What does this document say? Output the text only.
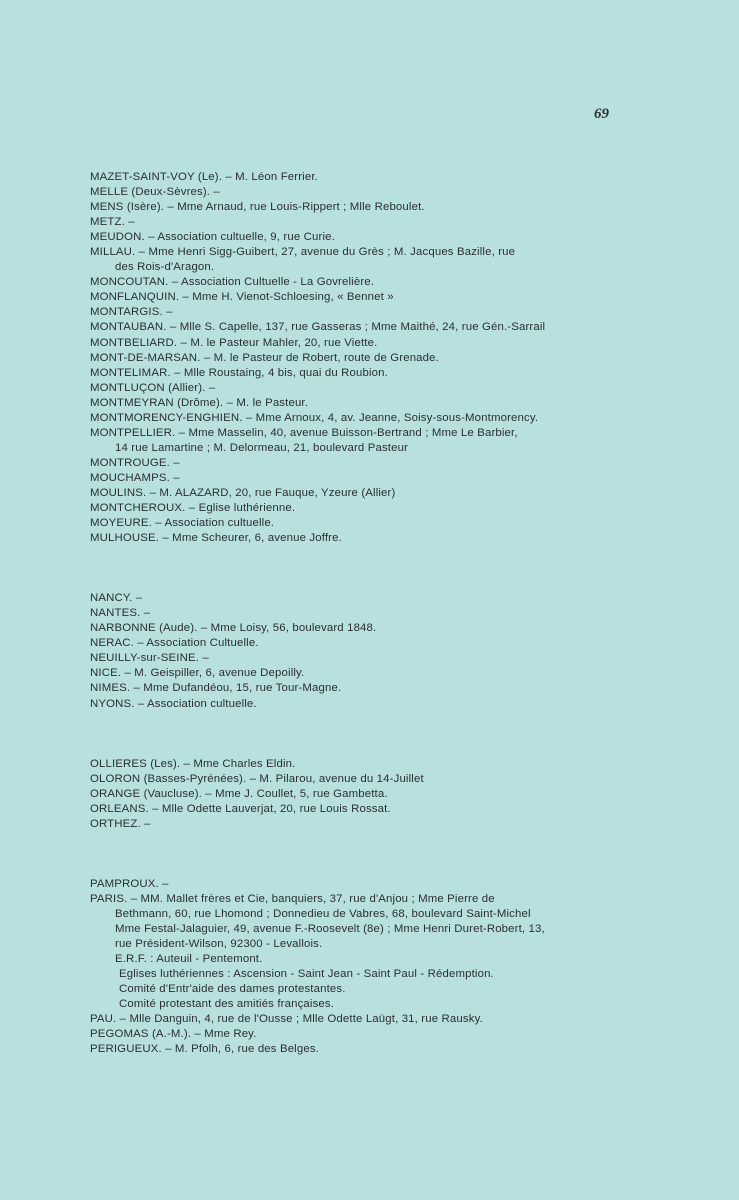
69
MAZET-SAINT-VOY (Le). – M. Léon Ferrier.
MELLE (Deux-Sèvres). –
MENS (Isère). – Mme Arnaud, rue Louis-Rippert ; Mlle Reboulet.
METZ. –
MEUDON. – Association cultuelle, 9, rue Curie.
MILLAU. – Mme Henri Sigg-Guibert, 27, avenue du Grès ; M. Jacques Bazille, rue
des Rois-d'Aragon.
MONCOUTAN. – Association Cultuelle - La Govrelière.
MONFLANQUIN. – Mme H. Vienot-Schloesing, « Bennet »
MONTARGIS. –
MONTAUBAN. – Mlle S. Capelle, 137, rue Gasseras ; Mme Maithé, 24, rue Gén.-Sarrail
MONTBELIARD. – M. le Pasteur Mahler, 20, rue Viette.
MONT-DE-MARSAN. – M. le Pasteur de Robert, route de Grenade.
MONTELIMAR. – Mlle Roustaing, 4 bis, quai du Roubion.
MONTLUÇON (Allier). –
MONTMEYRAN (Drôme). – M. le Pasteur.
MONTMORENCY-ENGHIEN. – Mme Arnoux, 4, av. Jeanne, Soisy-sous-Montmorency.
MONTPELLIER. – Mme Masselin, 40, avenue Buisson-Bertrand ; Mme Le Barbier,
14 rue Lamartine ; M. Delormeau, 21, boulevard Pasteur
MONTROUGE. –
MOUCHAMPS. –
MOULINS. – M. ALAZARD, 20, rue Fauque, Yzeure (Allier)
MONTCHEROUX. – Eglise luthérienne.
MOYEURE. – Association cultuelle.
MULHOUSE. – Mme Scheurer, 6, avenue Joffre.
NANCY. –
NANTES. –
NARBONNE (Aude). – Mme Loisy, 56, boulevard 1848.
NERAC. – Association Cultuelle.
NEUILLY-sur-SEINE. –
NICE. – M. Geispiller, 6, avenue Depoilly.
NIMES. – Mme Dufandéou, 15, rue Tour-Magne.
NYONS. – Association cultuelle.
OLLIERES (Les). – Mme Charles Eldin.
OLORON (Basses-Pyrénées). – M. Pilarou, avenue du 14-Juillet
ORANGE (Vaucluse). – Mme J. Coullet, 5, rue Gambetta.
ORLEANS. – Mlle Odette Lauverjat, 20, rue Louis Rossat.
ORTHEZ. –
PAMPROUX. –
PARIS. – MM. Mallet frères et Cie, banquiers, 37, rue d'Anjou ; Mme Pierre de
Bethmann, 60, rue Lhomond ; Donnedieu de Vabres, 68, boulevard Saint-Michel
Mme Festal-Jalaguier, 49, avenue F.-Roosevelt (8e) ; Mme Henri Duret-Robert, 13,
rue Président-Wilson, 92300 - Levallois.
E.R.F. : Auteuil - Pentemont.
Eglises luthériennes : Ascension - Saint Jean - Saint Paul - Rédemption.
Comité d'Entr'aide des dames protestantes.
Comité protestant des amitiés françaises.
PAU. – Mlle Danguin, 4, rue de l'Ousse ; Mlle Odette Laügt, 31, rue Rausky.
PEGOMAS (A.-M.). – Mme Rey.
PERIGUEUX. – M. Pfolh, 6, rue des Belges.
